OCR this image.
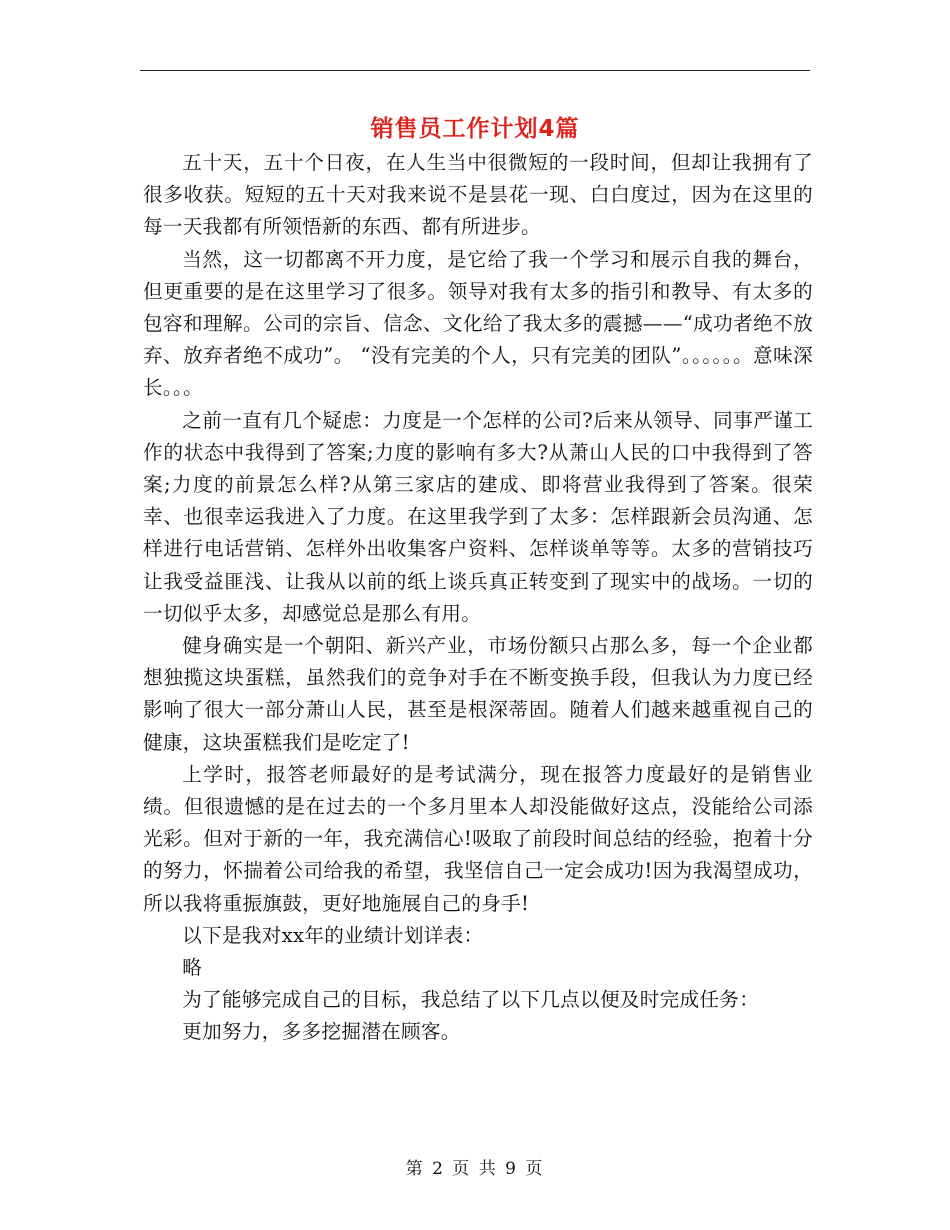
销售员工作计划4篇

五十天，五十个日夜，在人生当中很微短的一段时间，但却让我拥有了很多收获。短短的五十天对我来说不是昙花一现、白白度过，因为在这里的每一天我都有所领悟新的东西、都有所进步。

当然，这一切都离不开力度，是它给了我一个学习和展示自我的舞台，但更重要的是在这里学习了很多。领导对我有太多的指引和教导、有太多的包容和理解。公司的宗旨、信念、文化给了我太多的震撼——“成功者绝不放弃、放弃者绝不成功”。 “没有完美的个人，只有完美的团队”。。。。。。意味深长。。。

之前一直有几个疑虑：力度是一个怎样的公司?后来从领导、同事严谨工作的状态中我得到了答案;力度的影响有多大?从萧山人民的口中我得到了答案;力度的前景怎么样?从第三家店的建成、即将营业我得到了答案。很荣幸、也很幸运我进入了力度。在这里我学到了太多：怎样跟新会员沟通、怎样进行电话营销、怎样外出收集客户资料、怎样谈单等等。太多的营销技巧让我受益匪浅、让我从以前的纸上谈兵真正转变到了现实中的战场。一切的一切似乎太多，却感觉总是那么有用。

健身确实是一个朝阳、新兴产业，市场份额只占那么多，每一个企业都想独揽这块蛋糕，虽然我们的竞争对手在不断变换手段，但我认为力度已经影响了很大一部分萧山人民，甚至是根深蒂固。随着人们越来越重视自己的健康，这块蛋糕我们是吃定了!

上学时，报答老师最好的是考试满分，现在报答力度最好的是销售业绩。但很遗憾的是在过去的一个多月里本人却没能做好这点，没能给公司添光彩。但对于新的一年，我充满信心!吸取了前段时间总结的经验，抱着十分的努力，怀揣着公司给我的希望，我坚信自己一定会成功!因为我渴望成功，所以我将重振旗鼓，更好地施展自己的身手!

以下是我对xx年的业绩计划详表：

略

为了能够完成自己的目标，我总结了以下几点以便及时完成任务：

更加努力，多多挖掘潜在顾客。

第 2 页 共 9 页
